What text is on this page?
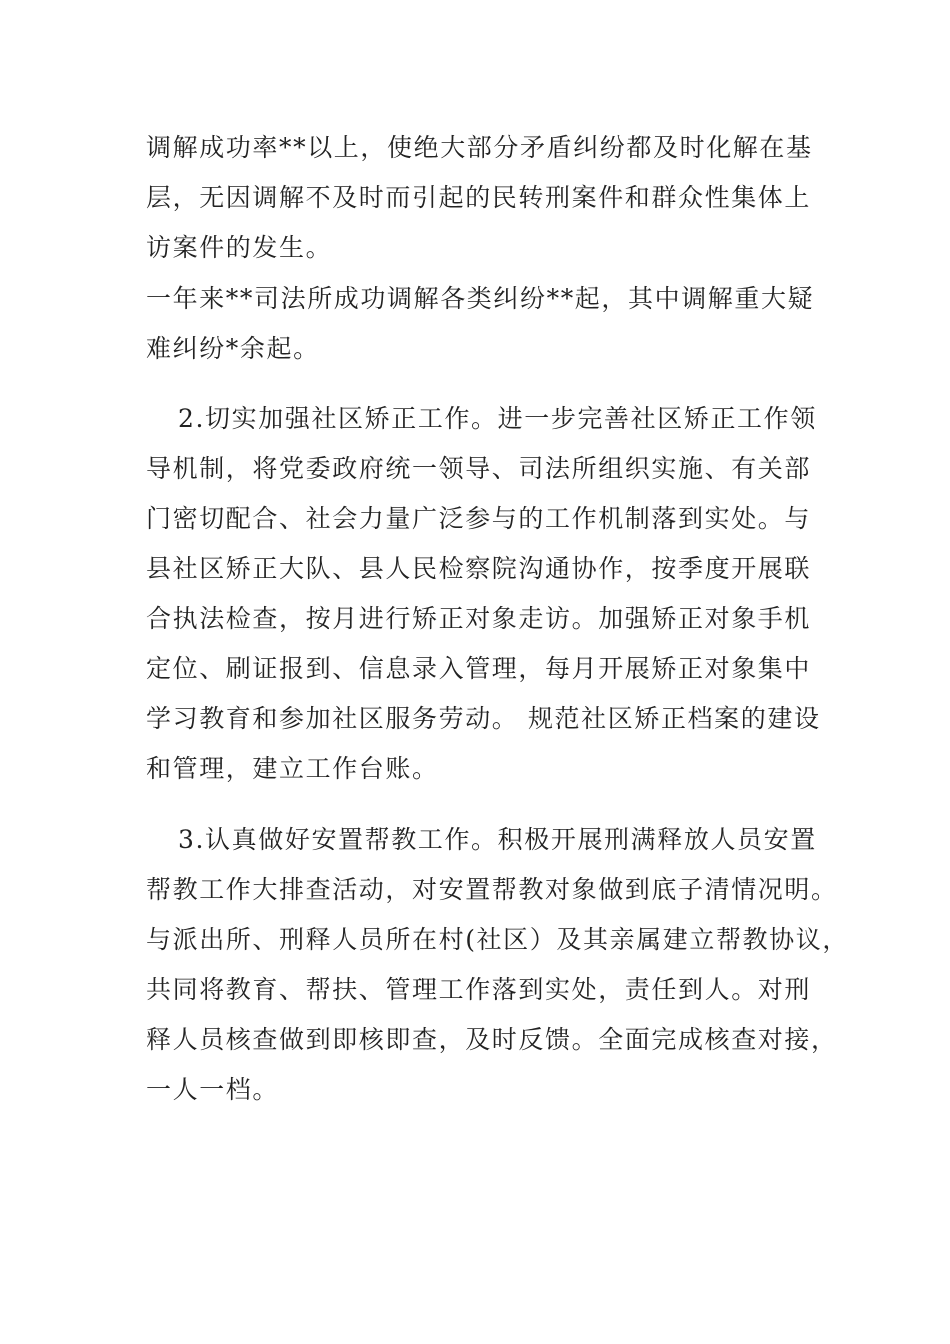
调解成功率**以上，使绝大部分矛盾纠纷都及时化解在基
层，无因调解不及时而引起的民转刑案件和群众性集体上
访案件的发生。
一年来**司法所成功调解各类纠纷**起，其中调解重大疑
难纠纷*余起。
2.切实加强社区矫正工作。进一步完善社区矫正工作领
导机制，将党委政府统一领导、司法所组织实施、有关部
门密切配合、社会力量广泛参与的工作机制落到实处。与
县社区矫正大队、县人民检察院沟通协作，按季度开展联
合执法检查，按月进行矫正对象走访。加强矫正对象手机
定位、刷证报到、信息录入管理，每月开展矫正对象集中
学习教育和参加社区服务劳动。 规范社区矫正档案的建设
和管理，建立工作台账。
3.认真做好安置帮教工作。积极开展刑满释放人员安置
帮教工作大排查活动，对安置帮教对象做到底子清情况明。
与派出所、刑释人员所在村(社区）及其亲属建立帮教协议，
共同将教育、帮扶、管理工作落到实处，责任到人。对刑
释人员核查做到即核即查，及时反馈。全面完成核查对接，
一人一档。
